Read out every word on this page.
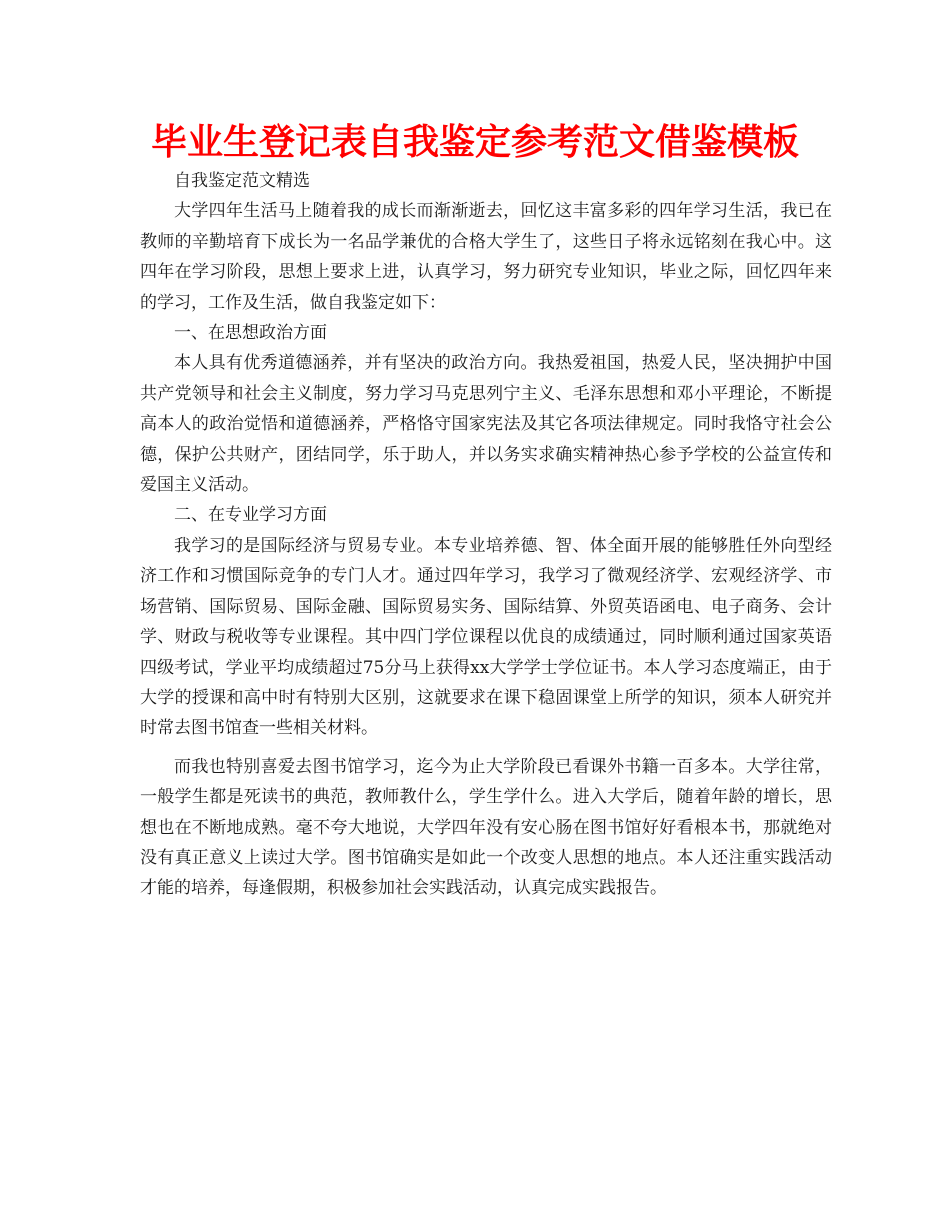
毕业生登记表自我鉴定参考范文借鉴模板

自我鉴定范文精选

大学四年生活马上随着我的成长而渐渐逝去，回忆这丰富多彩的四年学习生活，我已在教师的辛勤培育下成长为一名品学兼优的合格大学生了，这些日子将永远铭刻在我心中。这四年在学习阶段，思想上要求上进，认真学习，努力研究专业知识，毕业之际，回忆四年来的学习，工作及生活，做自我鉴定如下：

一、在思想政治方面

本人具有优秀道德涵养，并有坚决的政治方向。我热爱祖国，热爱人民，坚决拥护中国共产党领导和社会主义制度，努力学习马克思列宁主义、毛泽东思想和邓小平理论，不断提高本人的政治觉悟和道德涵养，严格恪守国家宪法及其它各项法律规定。同时我恪守社会公德，保护公共财产，团结同学，乐于助人，并以务实求确实精神热心参予学校的公益宣传和爱国主义活动。

二、在专业学习方面

我学习的是国际经济与贸易专业。本专业培养德、智、体全面开展的能够胜任外向型经济工作和习惯国际竞争的专门人才。通过四年学习，我学习了微观经济学、宏观经济学、市场营销、国际贸易、国际金融、国际贸易实务、国际结算、外贸英语函电、电子商务、会计学、财政与税收等专业课程。其中四门学位课程以优良的成绩通过，同时顺利通过国家英语四级考试，学业平均成绩超过75分马上获得xx大学学士学位证书。本人学习态度端正，由于大学的授课和高中时有特别大区别，这就要求在课下稳固课堂上所学的知识，须本人研究并时常去图书馆查一些相关材料。

而我也特别喜爱去图书馆学习，迄今为止大学阶段已看课外书籍一百多本。大学往常，一般学生都是死读书的典范，教师教什么，学生学什么。进入大学后，随着年龄的增长，思想也在不断地成熟。毫不夸大地说，大学四年没有安心肠在图书馆好好看根本书，那就绝对没有真正意义上读过大学。图书馆确实是如此一个改变人思想的地点。本人还注重实践活动才能的培养，每逢假期，积极参加社会实践活动，认真完成实践报告。
